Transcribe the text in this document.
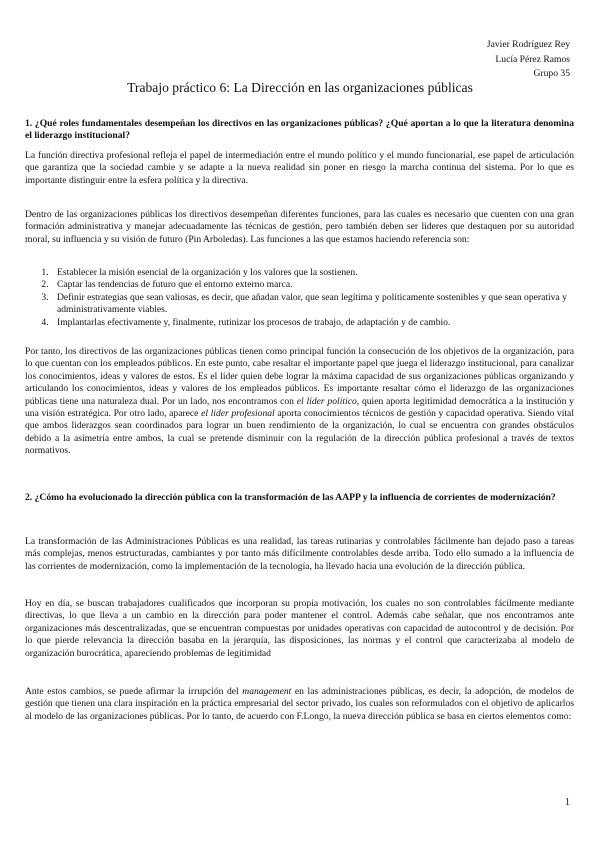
Javier Rodríguez Rey
Lucía Pérez Ramos
Grupo 35
Trabajo práctico 6: La Dirección en las organizaciones públicas
1. ¿Qué roles fundamentales desempeñan los directivos en las organizaciones públicas? ¿Qué aportan a lo que la literatura denomina el liderazgo institucional?
La función directiva profesional refleja el papel de intermediación entre el mundo político y el mundo funcionarial, ese papel de articulación que garantiza que la sociedad cambie y se adapte a la nueva realidad sin poner en riesgo la marcha continua del sistema. Por lo que es importante distinguir entre la esfera política y la directiva.
Dentro de las organizaciones públicas los directivos desempeñan diferentes funciones, para las cuales es necesario que cuenten con una gran formación administrativa y manejar adecuadamente las técnicas de gestión, pero también deben ser líderes que destaquen por su autoridad moral, su influencia y su visión de futuro (Pin Arboledas). Las funciones a las que estamos haciendo referencia son:
1. Establecer la misión esencial de la organización y los valores que la sostienen.
2. Captar las tendencias de futuro que el entorno externo marca.
3. Definir estrategias que sean valiosas, es decir, que añadan valor, que sean legítima y políticamente sostenibles y que sean operativa y administrativamente viables.
4. Implantarlas efectivamente y, finalmente, rutinizar los procesos de trabajo, de adaptación y de cambio.
Por tanto, los directivos de las organizaciones públicas tienen como principal función la consecución de los objetivos de la organización, para lo que cuentan con los empleados públicos. En este punto, cabe resaltar el importante papel que juega el liderazgo institucional, para canalizar los conocimientos, ideas y valores de estos. Es el líder quien debe lograr la máxima capacidad de sus organizaciones públicas organizando y articulando los conocimientos, ideas y valores de los empleados públicos. Es importante resaltar cómo el liderazgo de las organizaciones públicas tiene una naturaleza dual. Por un lado, nos encontramos con el líder político, quien aporta legitimidad democrática a la institución y una visión estratégica. Por otro lado, aparece el líder profesional aporta conocimientos técnicos de gestión y capacidad operativa. Siendo vital que ambos liderazgos sean coordinados para lograr un buen rendimiento de la organización, lo cual se encuentra con grandes obstáculos debido a la asimetría entre ambos, la cual se pretende disminuir con la regulación de la dirección pública profesional a través de textos normativos.
2. ¿Cómo ha evolucionado la dirección pública con la transformación de las AAPP y la influencia de corrientes de modernización?
La transformación de las Administraciones Públicas es una realidad, las tareas rutinarias y controlables fácilmente han dejado paso a tareas más complejas, menos estructuradas, cambiantes y por tanto más difícilmente controlables desde arriba. Todo ello sumado a la influencia de las corrientes de modernización, como la implementación de la tecnología, ha llevado hacia una evolución de la dirección pública.
Hoy en día, se buscan trabajadores cualificados que incorporan su propia motivación, los cuales no son controlables fácilmente mediante directivas, lo que lleva a un cambio en la dirección para poder mantener el control. Además cabe señalar, que nos encontramos ante organizaciones más descentralizadas, que se encuentran compuestas por unidades operativas con capacidad de autocontrol y de decisión. Por lo que pierde relevancia la dirección basaba en la jerarquía, las disposiciones, las normas y el control que caracterizaba al modelo de organización burocrática, apareciendo problemas de legitimidad
Ante estos cambios, se puede afirmar la irrupción del management en las administraciones públicas, es decir, la adopción, de modelos de gestión que tienen una clara inspiración en la práctica empresarial del sector privado, los cuales son reformulados con el objetivo de aplicarlos al modelo de las organizaciones públicas. Por lo tanto, de acuerdo con F.Longo, la nueva dirección pública se basa en ciertos elementos como:
1
